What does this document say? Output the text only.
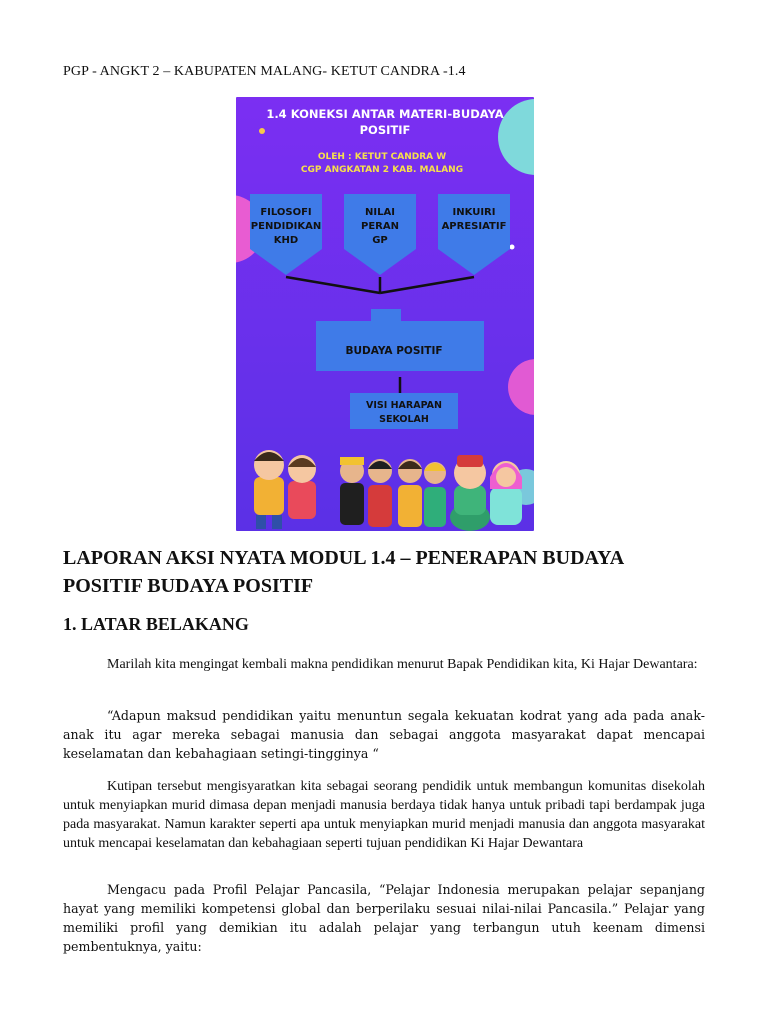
PGP - ANGKT 2 – KABUPATEN MALANG- KETUT CANDRA -1.4
1.4 KONEKSI ANTAR MATERI-BUDAYA
POSITIF
OLEH : KETUT CANDRA W
CGP ANGKATAN 2 KAB. MALANG
FILOSOFI
PENDIDIKAN
KHD
NILAI
PERAN
GP
INKUIRI
APRESIATIF
BUDAYA POSITIF
VISI HARAPAN
SEKOLAH
LAPORAN AKSI NYATA MODUL 1.4 – PENERAPAN BUDAYA POSITIF BUDAYA POSITIF
1. LATAR BELAKANG

Marilah kita mengingat kembali makna pendidikan menurut Bapak Pendidikan kita, Ki Hajar Dewantara:

“Adapun maksud pendidikan yaitu menuntun segala kekuatan kodrat yang ada pada anak-anak itu agar mereka sebagai manusia dan sebagai anggota masyarakat dapat mencapai keselamatan dan kebahagiaan setingi-tingginya “

Kutipan tersebut mengisyaratkan kita sebagai seorang pendidik untuk membangun komunitas disekolah untuk menyiapkan murid dimasa depan menjadi manusia berdaya tidak hanya untuk pribadi tapi berdampak juga pada masyarakat. Namun karakter seperti apa untuk menyiapkan murid menjadi manusia dan anggota masyarakat untuk mencapai keselamatan dan kebahagiaan seperti tujuan pendidikan Ki Hajar Dewantara

Mengacu pada Profil Pelajar Pancasila, “Pelajar Indonesia merupakan pelajar sepanjang hayat yang memiliki kompetensi global dan berperilaku sesuai nilai-nilai Pancasila.” Pelajar yang memiliki profil yang demikian itu adalah pelajar yang terbangun utuh keenam dimensi pembentuknya, yaitu:
